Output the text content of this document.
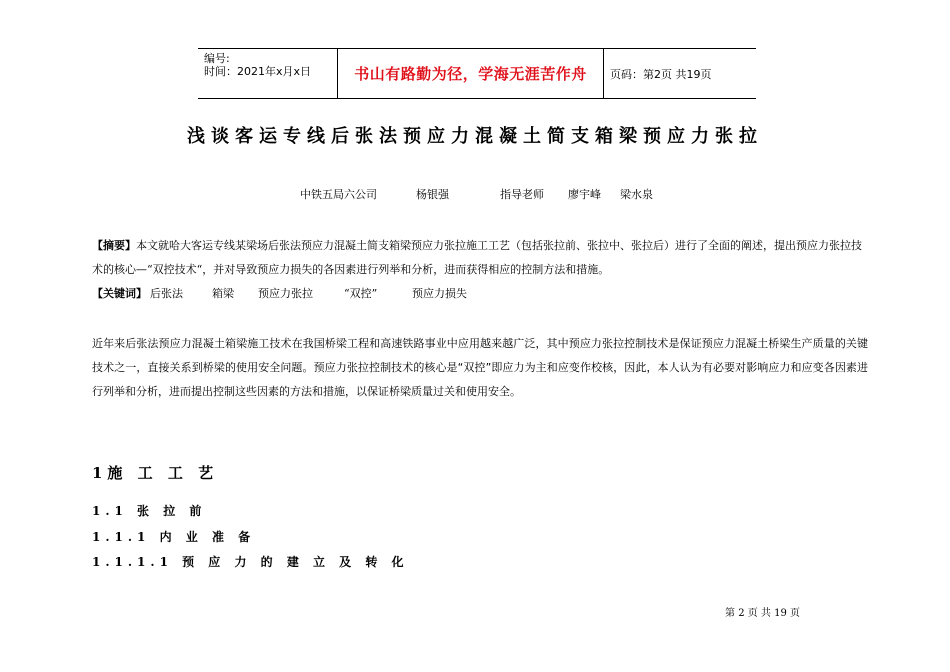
编号:
时间：2021年x月x日	书山有路勤为径，学海无涯苦作舟	页码：第2页 共19页
浅谈客运专线后张法预应力混凝土简支箱梁预应力张拉
中铁五局六公司	杨银强	指导老师 廖宇峰 梁水泉
【摘要】本文就哈大客运专线某梁场后张法预应力混凝土简支箱梁预应力张拉施工工艺（包括张拉前、张拉中、张拉后）进行了全面的阐述，提出预应力张拉技术的核心—“双控技术“，并对导致预应力损失的各因素进行列举和分析，进而获得相应的控制方法和措施。
【关键词】 后张法	箱梁 预应力张拉	“双控”	预应力损失
近年来后张法预应力混凝土箱梁施工技术在我国桥梁工程和高速铁路事业中应用越来越广泛，其中预应力张拉控制技术是保证预应力混凝土桥梁生产质量的关键技术之一，直接关系到桥梁的使用安全问题。预应力张拉控制技术的核心是“双控”即应力为主和应变作校核，因此，本人认为有必要对影响应力和应变各因素进行列举和分析，进而提出控制这些因素的方法和措施，以保证桥梁质量过关和使用安全。
1施 工 工 艺
1.1 张 拉 前
1.1.1 内 业 准 备
1.1.1.1 预 应 力 的 建 立 及 转 化
第 2 页 共 19 页
